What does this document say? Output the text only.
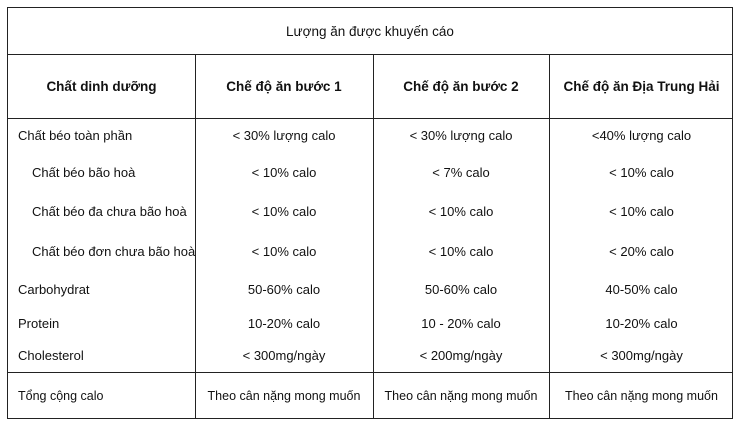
Lượng ăn được khuyến cáo
Chất dinh dưỡng	Chế độ ăn bước 1	Chế độ ăn bước 2	Chế độ ăn Địa Trung Hải
Chất béo toàn phần	< 30% lượng calo	< 30% lượng calo	<40% lượng calo
Chất béo bão hoà	< 10% calo	< 7% calo	< 10% calo
Chất béo đa chưa bão hoà	< 10% calo	< 10% calo	< 10% calo
Chất béo đơn chưa bão hoà	< 10% calo	< 10% calo	< 20% calo
Carbohydrat	50-60% calo	50-60% calo	40-50% calo
Protein	10-20% calo	10 - 20% calo	10-20% calo
Cholesterol	< 300mg/ngày	< 200mg/ngày	< 300mg/ngày
Tổng cộng calo	Theo cân nặng mong muốn	Theo cân nặng mong muốn	Theo cân nặng mong muốn
